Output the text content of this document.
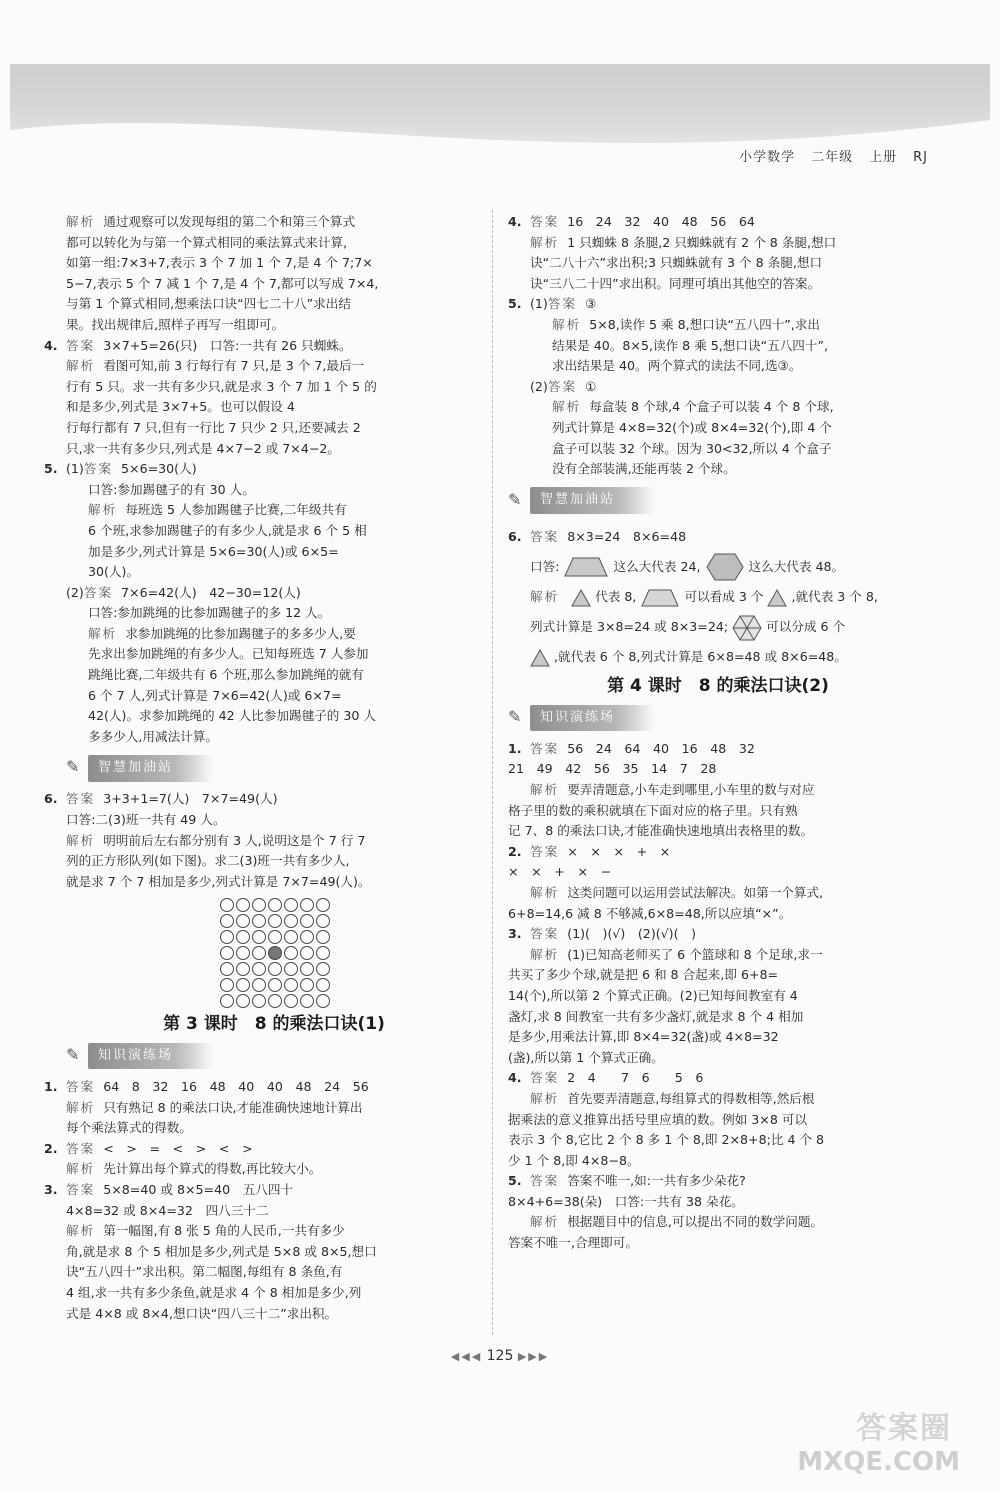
小学数学 二年级 上册 RJ

解析 通过观察可以发现每组的第二个和第三个算式

都可以转化为与第一个算式相同的乘法算式来计算,

如第一组:7×3+7,表示 3 个 7 加 1 个 7,是 4 个 7;7×

5−7,表示 5 个 7 减 1 个 7,是 4 个 7,都可以写成 7×4,

与第 1 个算式相同,想乘法口诀“四七二十八”求出结

果。找出规律后,照样子再写一组即可。

4. 答案 3×7+5=26(只)　口答:一共有 26 只蜘蛛。

解析 看图可知,前 3 行每行有 7 只,是 3 个 7,最后一

行有 5 只。求一共有多少只,就是求 3 个 7 加 1 个 5 的

和是多少,列式是 3×7+5。也可以假设 4

行每行都有 7 只,但有一行比 7 只少 2 只,还要减去 2

只,求一共有多少只,列式是 4×7−2 或 7×4−2。

5. (1)答案 5×6=30(人)

口答:参加踢毽子的有 30 人。

解析 每班选 5 人参加踢毽子比赛,二年级共有

6 个班,求参加踢毽子的有多少人,就是求 6 个 5 相

加是多少,列式计算是 5×6=30(人)或 6×5=

30(人)。

(2)答案 7×6=42(人)　42−30=12(人)

口答:参加跳绳的比参加踢毽子的多 12 人。

解析 求参加跳绳的比参加踢毽子的多多少人,要

先求出参加跳绳的有多少人。已知每班选 7 人参加

跳绳比赛,二年级共有 6 个班,那么参加跳绳的就有

6 个 7 人,列式计算是 7×6=42(人)或 6×7=

42(人)。求参加跳绳的 42 人比参加踢毽子的 30 人

多多少人,用减法计算。

✎	智慧加油站

6. 答案 3+3+1=7(人)　7×7=49(人)

口答:二(3)班一共有 49 人。

解析 明明前后左右都分别有 3 人,说明这是个 7 行 7

列的正方形队列(如下图)。求二(3)班一共有多少人,

就是求 7 个 7 相加是多少,列式计算是 7×7=49(人)。

第 3 课时　8 的乘法口诀(1)
✎	知识演练场

1. 答案 64　8　32　16　48　40　40　48　24　56

解析 只有熟记 8 的乘法口诀,才能准确快速地计算出

每个乘法算式的得数。

2. 答案 <　>　=　<　>　<　>

解析 先计算出每个算式的得数,再比较大小。

3. 答案 5×8=40 或 8×5=40　五八四十

4×8=32 或 8×4=32　四八三十二

解析 第一幅图,有 8 张 5 角的人民币,一共有多少

角,就是求 8 个 5 相加是多少,列式是 5×8 或 8×5,想口

诀“五八四十”求出积。第二幅图,每组有 8 条鱼,有

4 组,求一共有多少条鱼,就是求 4 个 8 相加是多少,列

式是 4×8 或 8×4,想口诀“四八三十二”求出积。

4. 答案 16　24　32　40　48　56　64

解析 1 只蜘蛛 8 条腿,2 只蜘蛛就有 2 个 8 条腿,想口

诀“二八十六”求出积;3 只蜘蛛就有 3 个 8 条腿,想口

诀“三八二十四”求出积。同理可填出其他空的答案。

5. (1)答案 ③

解析 5×8,读作 5 乘 8,想口诀“五八四十”,求出

结果是 40。8×5,读作 8 乘 5,想口诀“五八四十”,

求出结果是 40。两个算式的读法不同,选③。

(2)答案 ①

解析 每盒装 8 个球,4 个盒子可以装 4 个 8 个球,

列式计算是 4×8=32(个)或 8×4=32(个),即 4 个

盒子可以装 32 个球。因为 30<32,所以 4 个盒子

没有全部装满,还能再装 2 个球。

✎	智慧加油站

6. 答案 8×3=24　8×6=48

口答:	这么大代表 24,	这么大代表 48。

解析	代表 8,	可以看成 3 个 ,就代表 3 个 8,

列式计算是 3×8=24 或 8×3=24;	可以分成 6 个

,就代表 6 个 8,列式计算是 6×8=48 或 8×6=48。

第 4 课时　8 的乘法口诀(2)
✎	知识演练场

1. 答案 56　24　64　40　16　48　32

21　49　42　56　35　14　7　28

解析 要弄清题意,小车走到哪里,小车里的数与对应

格子里的数的乘积就填在下面对应的格子里。只有熟

记 7、8 的乘法口诀,才能准确快速地填出表格里的数。

2. 答案 ×　×　×　+　×

×　×　+　×　−

解析 这类问题可以运用尝试法解决。如第一个算式,

6+8=14,6 减 8 不够减,6×8=48,所以应填“×”。

3. 答案 (1)(　)(√)　(2)(√)(　)

解析 (1)已知高老师买了 6 个篮球和 8 个足球,求一

共买了多少个球,就是把 6 和 8 合起来,即 6+8=

14(个),所以第 2 个算式正确。(2)已知每间教室有 4

盏灯,求 8 间教室一共有多少盏灯,就是求 8 个 4 相加

是多少,用乘法计算,即 8×4=32(盏)或 4×8=32

(盏),所以第 1 个算式正确。

4. 答案 2　4　　7　6　　5　6

解析 首先要弄清题意,每组算式的得数相等,然后根

据乘法的意义推算出括号里应填的数。例如 3×8 可以

表示 3 个 8,它比 2 个 8 多 1 个 8,即 2×8+8;比 4 个 8

少 1 个 8,即 4×8−8。

5. 答案 答案不唯一,如:一共有多少朵花?

8×4+6=38(朵)　口答:一共有 38 朵花。

解析 根据题目中的信息,可以提出不同的数学问题。

答案不唯一,合理即可。

◀◀◀ 125 ▶▶▶
答案圈
MXQE.COM
